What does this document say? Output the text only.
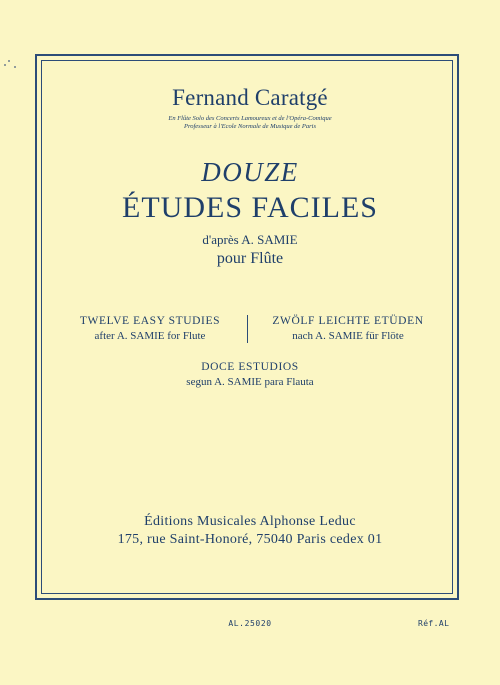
Fernand Caratgé
En Flûte Solo des Concerts Lamoureux et de l'Opéra-Comique
Professeur à l'Ecole Normale de Musique de Paris
DOUZE
ÉTUDES FACILES
d'après A. SAMIE
pour Flûte
TWELVE EASY STUDIES
after A. SAMIE for Flute
ZWÖLF LEICHTE ETÜDEN
nach A. SAMIE für Flöte
DOCE ESTUDIOS
segun A. SAMIE para Flauta
Éditions Musicales Alphonse Leduc
175, rue Saint-Honoré, 75040 Paris cedex 01
AL.25020	Réf.AL
